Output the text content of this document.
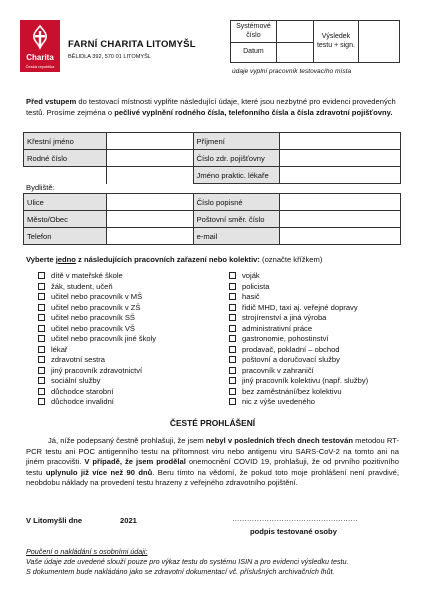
Charita
Česká republika
FARNÍ CHARITA LITOMYŠL
BĚLIDLA 392, 570 01 LITOMYŠL
Systémové číslo		Výsledek testu + sign.	
Datum			
údaje vyplní pracovník testovacího místa
Před vstupem do testovací místnosti vyplňte následující údaje, které jsou nezbytné pro evidenci provedených testů. Prosíme zejména o pečlivé vyplnění rodného čísla, telefonního čísla a čísla zdravotní pojišťovny.
Křestní jméno		Příjmení	
Rodné číslo		Číslo zdr. pojišťovny	
		Jméno praktic. lékaře	
Bydliště:
Ulice		Číslo popisné	
Město/Obec		Poštovní směr. číslo	
Telefon		e-mail	
Vyberte jedno z následujících pracovních zařazení nebo kolektiv: (označte křížkem)
dítě v mateřské škole
žák, student, učeň
učitel nebo pracovník v MŠ
učitel nebo pracovník v ZŠ
učitel nebo pracovník SŠ
učitel nebo pracovník VŠ
učitel nebo pracovník jiné školy
lékař
zdravotní sestra
jiný pracovník zdravotnictví
sociální služby
důchodce starobní
důchodce invalidní
voják
policista
hasič
řidič MHD, taxi aj. veřejné dopravy
strojírenství a jiná výroba
administrativní práce
gastronomie, pohostinství
prodavač, pokladní – obchod
poštovní a doručovací služby
pracovník v zahraničí
jiný pracovník kolektivu (např. služby)
bez zaměstnání/bez kolektivu
nic z výše uvedeného
ČESTÉ PROHLÁŠENÍ
Já, níže podepsaný čestně prohlašuji, že jsem nebyl v posledních třech dnech testován metodou RT-PCR testu ani POC antigenního testu na přítomnost viru nebo antigenu viru SARS-CoV-2 na tomto ani na jiném pracovišti. V případě, že jsem prodělal onemocnění COVID 19, prohlašuji, že od prvního pozitivního testu uplynulo již více než 90 dnů. Beru tímto na vědomí, že pokud toto moje prohlášení není pravdivé, neobdobu náklady na provedení testu hrazeny z veřejného zdravotního pojištění.
V Litomyšli dne	2021	……………………………………………
podpis testované osoby
Poučení o nakládání s osobními údaji:
Vaše údaje zde uvedené slouží pouze pro výkaz testu do systému ISIN a pro evidenci výsledku testu.
S dokumentem bude nakládáno jako se zdravotní dokumentací vč. příslušných archivačních lhůt.
